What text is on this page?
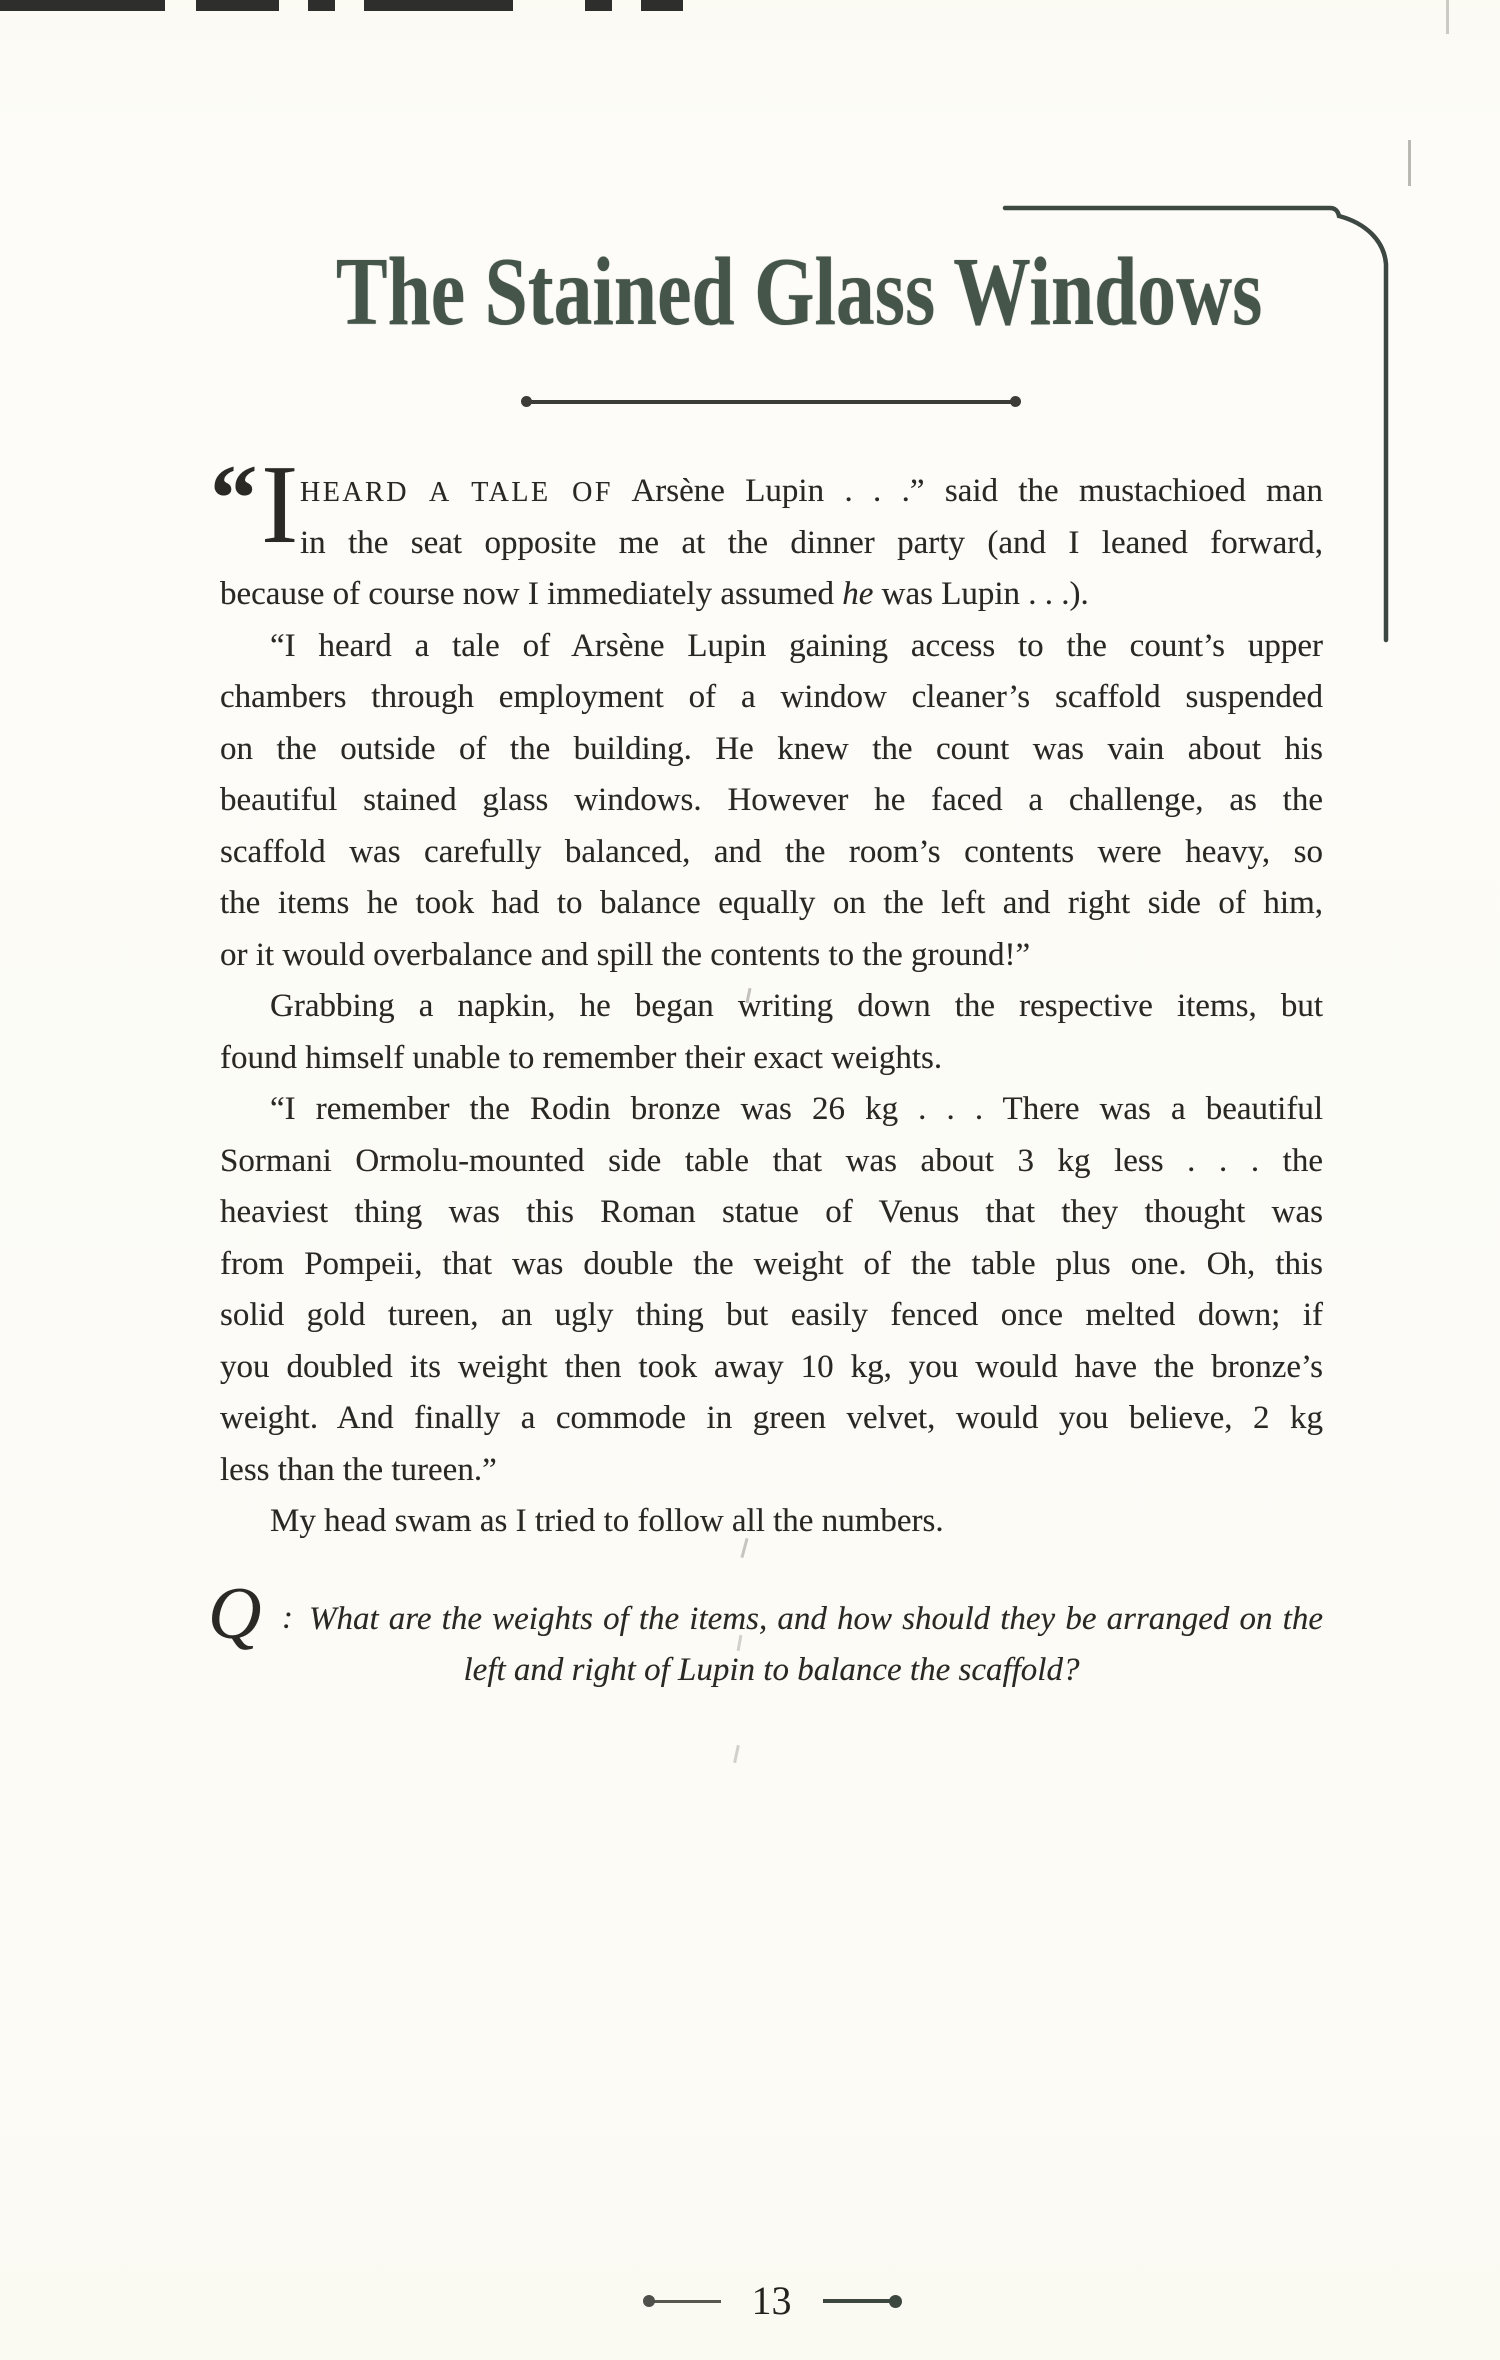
The Stained Glass Windows
“ I HEARD A TALE OF Arsène Lupin . . .” said the mustachioed man
in the seat opposite me at the dinner party (and I leaned forward,
because of course now I immediately assumed he was Lupin . . .).
“I heard a tale of Arsène Lupin gaining access to the count’s upper
chambers through employment of a window cleaner’s scaffold suspended
on the outside of the building. He knew the count was vain about his
beautiful stained glass windows. However he faced a challenge, as the
scaffold was carefully balanced, and the room’s contents were heavy, so
the items he took had to balance equally on the left and right side of him,
or it would overbalance and spill the contents to the ground!”
Grabbing a napkin, he began writing down the respective items, but
found himself unable to remember their exact weights.
“I remember the Rodin bronze was 26 kg . . . There was a beautiful
Sormani Ormolu-mounted side table that was about 3 kg less . . . the
heaviest thing was this Roman statue of Venus that they thought was
from Pompeii, that was double the weight of the table plus one. Oh, this
solid gold tureen, an ugly thing but easily fenced once melted down; if
you doubled its weight then took away 10 kg, you would have the bronze’s
weight. And finally a commode in green velvet, would you believe, 2 kg
less than the tureen.”
My head swam as I tried to follow all the numbers.
Q : What are the weights of the items, and how should they be arranged on the
left and right of Lupin to balance the scaffold?
13
